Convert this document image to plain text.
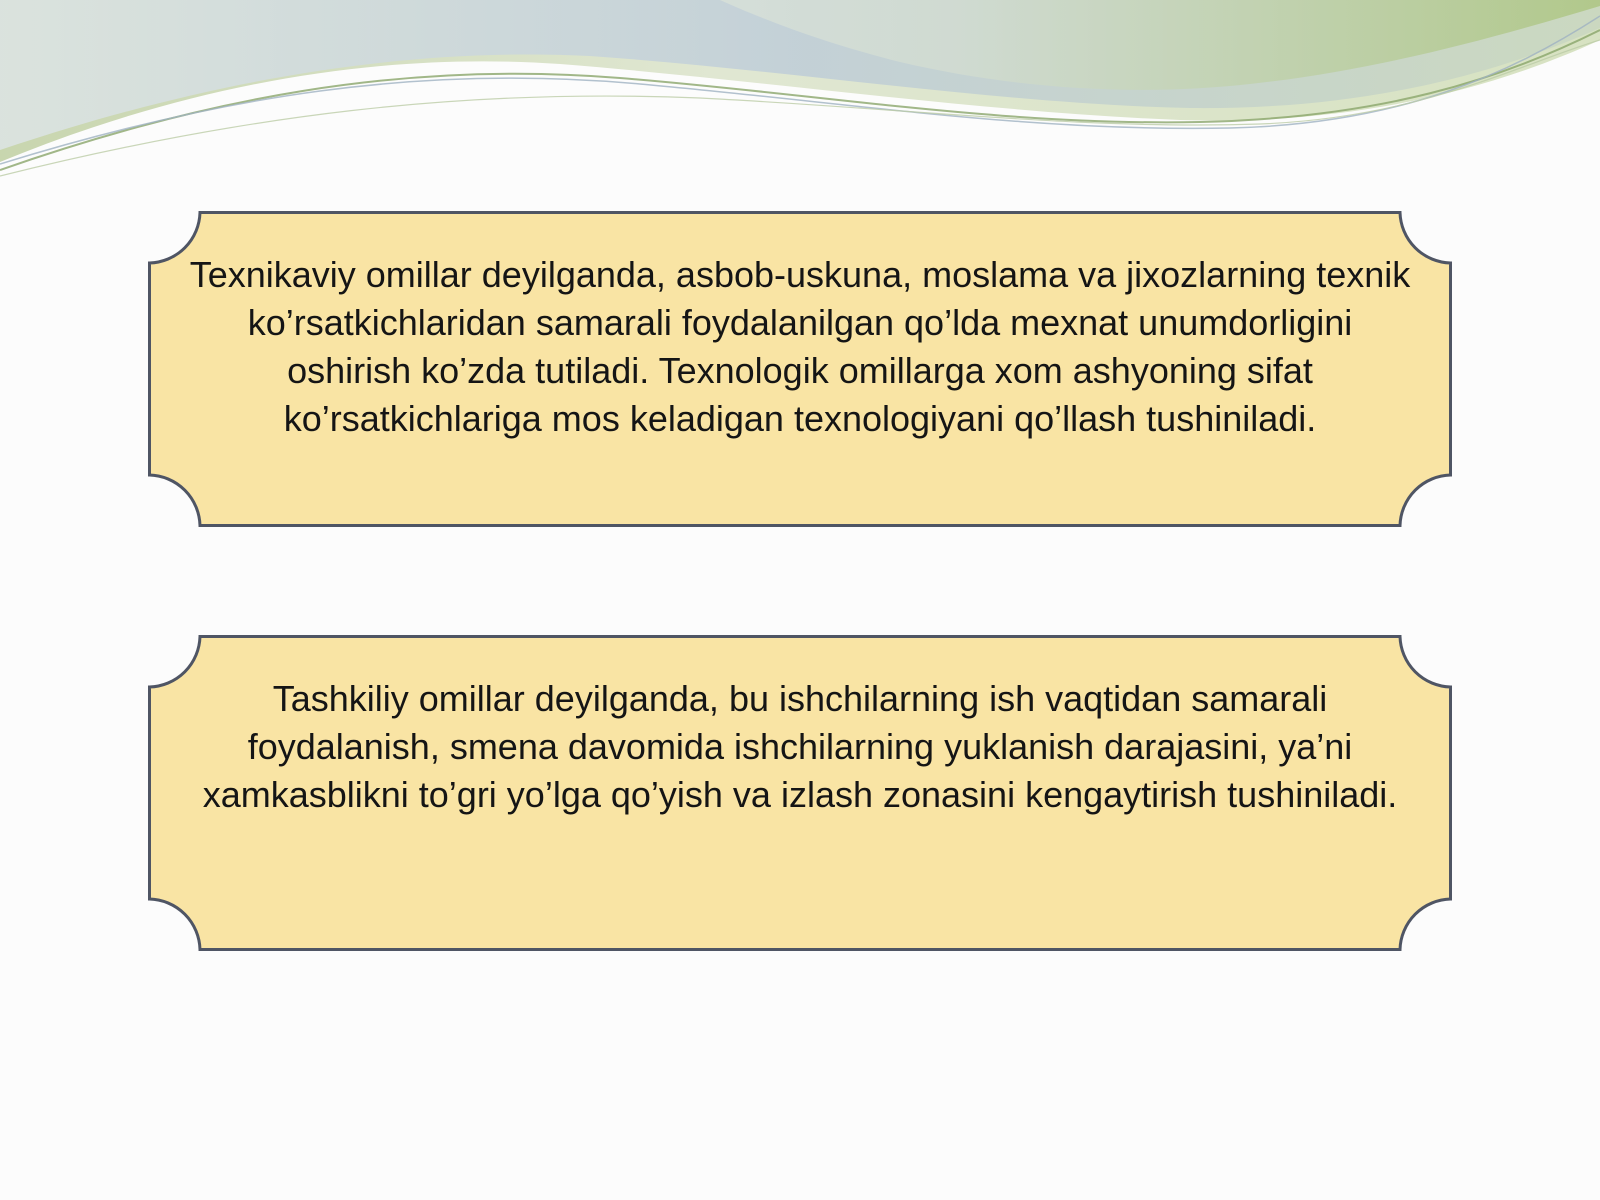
Texnikaviy omillar deyilganda, asbob-uskuna, moslama va jixozlarning texnik ko’rsatkichlaridan samarali foydalanilgan qo’lda mexnat unumdorligini oshirish ko’zda tutiladi. Texnologik omillarga xom ashyoning sifat ko’rsatkichlariga mos keladigan texnologiyani qo’llash tushiniladi.

Tashkiliy omillar deyilganda, bu ishchilarning ish vaqtidan samarali foydalanish, smena davomida ishchilarning yuklanish darajasini, ya’ni xamkasblikni to’gri yo’lga qo’yish va izlash zonasini kengaytirish tushiniladi.
